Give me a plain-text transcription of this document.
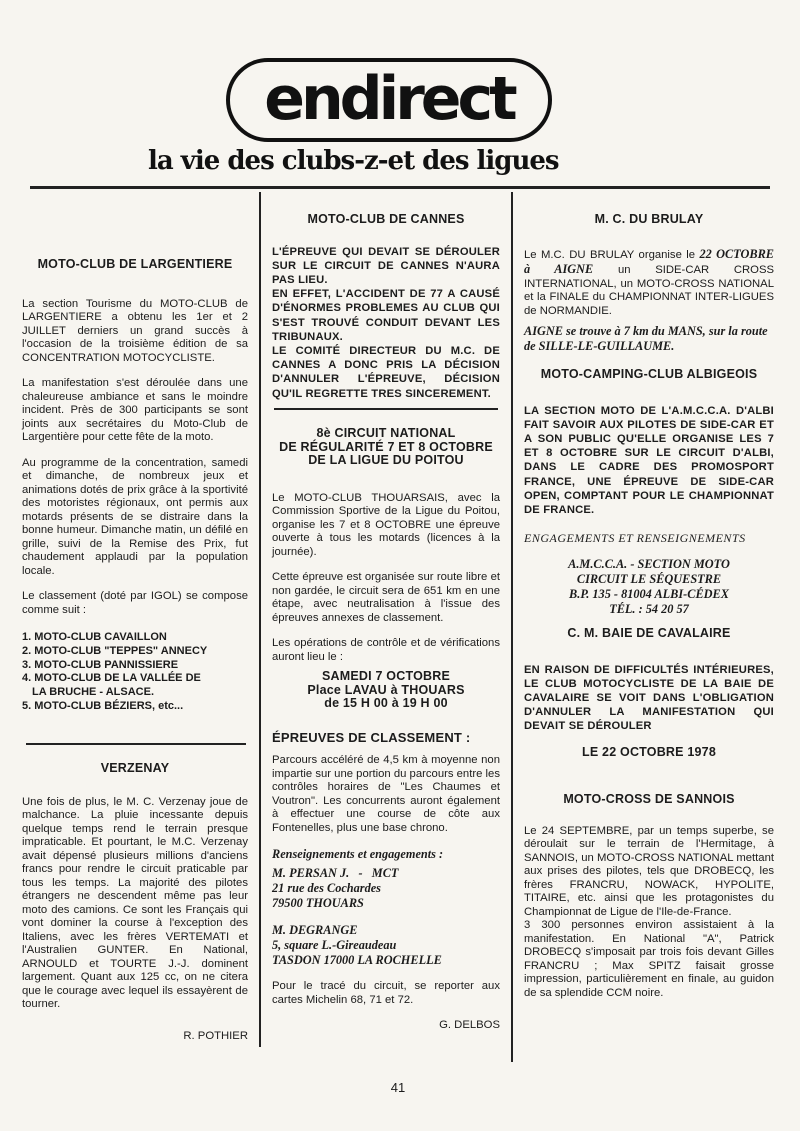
endirect
la vie des clubs-z-et des ligues

MOTO-CLUB DE LARGENTIERE

La section Tourisme du MOTO-CLUB de LARGENTIERE a obtenu les 1er et 2 JUILLET derniers un grand succès à l'occasion de la troisième édition de sa CONCENTRATION MOTOCYCLISTE.

La manifestation s'est déroulée dans une chaleureuse ambiance et sans le moindre incident. Près de 300 participants se sont joints aux secrétaires du Moto-Club de Largentière pour cette fête de la moto.

Au programme de la concentration, samedi et dimanche, de nombreux jeux et animations dotés de prix grâce à la sportivité des motoristes régionaux, ont permis aux motards présents de se distraire dans la bonne humeur. Dimanche matin, un défilé en grille, suivi de la Remise des Prix, fut chaudement applaudi par la population locale.

Le classement (doté par IGOL) se compose comme suit :

1. MOTO-CLUB CAVAILLON
2. MOTO-CLUB "TEPPES" ANNECY
3. MOTO-CLUB PANNISSIERE
4. MOTO-CLUB DE LA VALLÉE DE
LA BRUCHE - ALSACE.
5. MOTO-CLUB BÉZIERS, etc...

VERZENAY

Une fois de plus, le M. C. Verzenay joue de malchance. La pluie incessante depuis quelque temps rend le terrain presque impraticable. Et pourtant, le M.C. Verzenay avait dépensé plusieurs millions d'anciens francs pour rendre le circuit praticable par tous les temps. La majorité des pilotes étrangers ne descendent même pas leur moto des camions. Ce sont les Français qui vont dominer la course à l'exception des Italiens, avec les frères VERTEMATI et l'Australien GUNTER. En National, ARNOULD et TOURTE J.-J. dominent largement. Quant aux 125 cc, on ne citera que le courage avec lequel ils essayèrent de tourner.

R. POTHIER

MOTO-CLUB DE CANNES

L'ÉPREUVE QUI DEVAIT SE DÉROULER SUR LE CIRCUIT DE CANNES N'AURA PAS LIEU.

EN EFFET, L'ACCIDENT DE 77 A CAUSÉ D'ÉNORMES PROBLEMES AU CLUB QUI S'EST TROUVÉ CONDUIT DEVANT LES TRIBUNAUX.

LE COMITÉ DIRECTEUR DU M.C. DE CANNES A DONC PRIS LA DÉCISION D'ANNULER L'ÉPREUVE, DÉCISION QU'IL REGRETTE TRES SINCEREMENT.

8è CIRCUIT NATIONAL

DE RÉGULARITÉ 7 ET 8 OCTOBRE

DE LA LIGUE DU POITOU

Le MOTO-CLUB THOUARSAIS, avec la Commission Sportive de la Ligue du Poitou, organise les 7 et 8 OCTOBRE une épreuve ouverte à tous les motards (licences à la journée).

Cette épreuve est organisée sur route libre et non gardée, le circuit sera de 651 km en une étape, avec neutralisation à l'issue des épreuves annexes de classement.

Les opérations de contrôle et de vérifications auront lieu le :

SAMEDI 7 OCTOBRE

Place LAVAU à THOUARS

de 15 H 00 à 19 H 00

ÉPREUVES DE CLASSEMENT :

Parcours accéléré de 4,5 km à moyenne non impartie sur une portion du parcours entre les contrôles horaires de "Les Chaumes et Voutron". Les concurrents auront également à effectuer une course de côte aux Fontenelles, plus une base chrono.

Renseignements et engagements :

M. PERSAN J.   -   MCT

21 rue des Cochardes

79500 THOUARS

M. DEGRANGE

5, square L.-Gireaudeau

TASDON 17000 LA ROCHELLE

Pour le tracé du circuit, se reporter aux cartes Michelin 68, 71 et 72.

G. DELBOS

M. C. DU BRULAY

Le M.C. DU BRULAY organise le 22 OCTOBRE à AIGNE un SIDE-CAR CROSS INTERNATIONAL, un MOTO-CROSS NATIONAL et la FINALE du CHAMPIONNAT INTER-LIGUES de NORMANDIE.

AIGNE se trouve à 7 km du MANS, sur la route de SILLE-LE-GUILLAUME.

MOTO-CAMPING-CLUB ALBIGEOIS

LA SECTION MOTO DE L'A.M.C.C.A. D'ALBI FAIT SAVOIR AUX PILOTES DE SIDE-CAR ET A SON PUBLIC QU'ELLE ORGANISE LES 7 ET 8 OCTOBRE SUR LE CIRCUIT D'ALBI, DANS LE CADRE DES PROMOSPORT FRANCE, UNE ÉPREUVE DE SIDE-CAR OPEN, COMPTANT POUR LE CHAMPIONNAT DE FRANCE.

ENGAGEMENTS ET RENSEIGNEMENTS

A.M.C.C.A. - SECTION MOTO

CIRCUIT LE SÉQUESTRE

B.P. 135 - 81004 ALBI-CÉDEX

TÉL. : 54 20 57

C. M. BAIE DE CAVALAIRE

EN RAISON DE DIFFICULTÉS INTÉRIEURES, LE CLUB MOTOCYCLISTE DE LA BAIE DE CAVALAIRE SE VOIT DANS L'OBLIGATION D'ANNULER LA MANIFESTATION QUI DEVAIT SE DÉROULER

LE 22 OCTOBRE 1978

MOTO-CROSS DE SANNOIS

Le 24 SEPTEMBRE, par un temps superbe, se déroulait sur le terrain de l'Hermitage, à SANNOIS, un MOTO-CROSS NATIONAL mettant aux prises des pilotes, tels que DROBECQ, les frères FRANCRU, NOWACK, HYPOLITE, TITAIRE, etc. ainsi que les protagonistes du Championnat de Ligue de l'Ile-de-France.

3 300 personnes environ assistaient à la manifestation. En National "A", Patrick DROBECQ s'imposait par trois fois devant Gilles FRANCRU ; Max SPITZ faisait grosse impression, particulièrement en finale, au guidon de sa splendide CCM noire.

41
